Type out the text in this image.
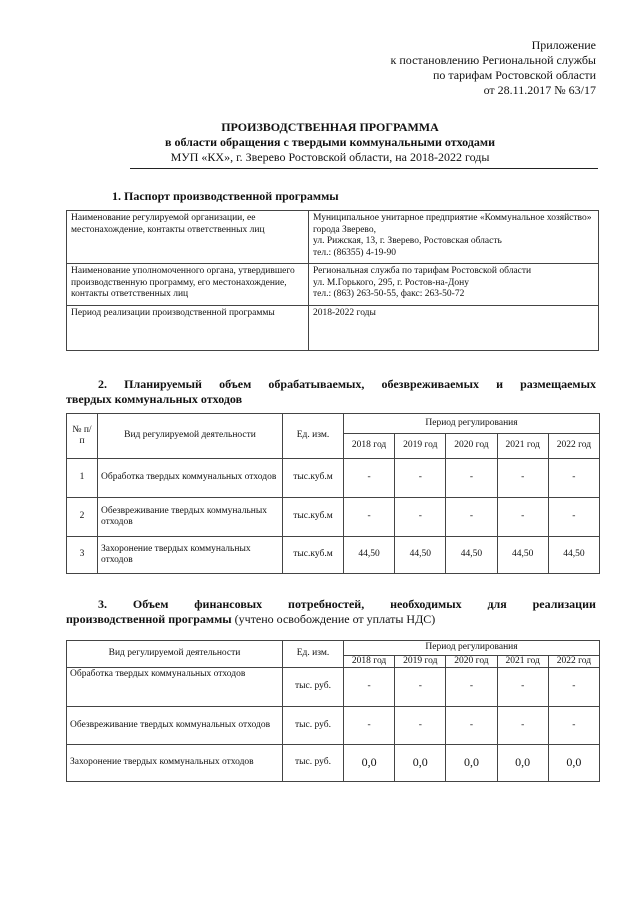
Приложение
к постановлению Региональной службы
по тарифам Ростовской области
от 28.11.2017 № 63/17
ПРОИЗВОДСТВЕННАЯ ПРОГРАММА
в области обращения с твердыми коммунальными отходами
МУП «КХ», г. Зверево Ростовской области, на 2018-2022 годы
1. Паспорт производственной программы
Наименование регулируемой организации, ее местонахождение, контакты ответственных лиц	Муниципальное унитарное предприятие «Коммунальное хозяйство» города Зверево,
ул. Рижская, 13, г. Зверево, Ростовская область
тел.: (86355) 4-19-90

Наименование уполномоченного органа, утвердившего производственную программу, его местонахождение, контакты ответственных лиц	Региональная служба по тарифам Ростовской области
ул. М.Горького, 295, г. Ростов-на-Дону
тел.: (863) 263-50-55, факс: 263-50-72

Период реализации производственной программы	2018-2022 годы
2. Планируемый объем обрабатываемых, обезвреживаемых и размещаемых
твердых коммунальных отходов
№ п/п	Вид регулируемой деятельности	Ед. изм.	Период регулирования				
			2018 год	2019 год	2020 год	2021 год	2022 год
1	Обработка твердых коммунальных отходов	тыс.куб.м	-	-	-	-	-
2	Обезвреживание твердых коммунальных отходов	тыс.куб.м	-	-	-	-	-
3	Захоронение твердых коммунальных отходов	тыс.куб.м	44,50	44,50	44,50	44,50	44,50
3. Объем финансовых потребностей, необходимых для реализации
производственной программы (учтено освобождение от уплаты НДС)
Вид регулируемой деятельности	Ед. изм.	Период регулирования				
		2018 год	2019 год	2020 год	2021 год	2022 год
Обработка твердых коммунальных отходов	тыс. руб.	-	-	-	-	-
Обезвреживание твердых коммунальных отходов	тыс. руб.	-	-	-	-	-
Захоронение твердых коммунальных отходов	тыс. руб.	0,0	0,0	0,0	0,0	0,0
